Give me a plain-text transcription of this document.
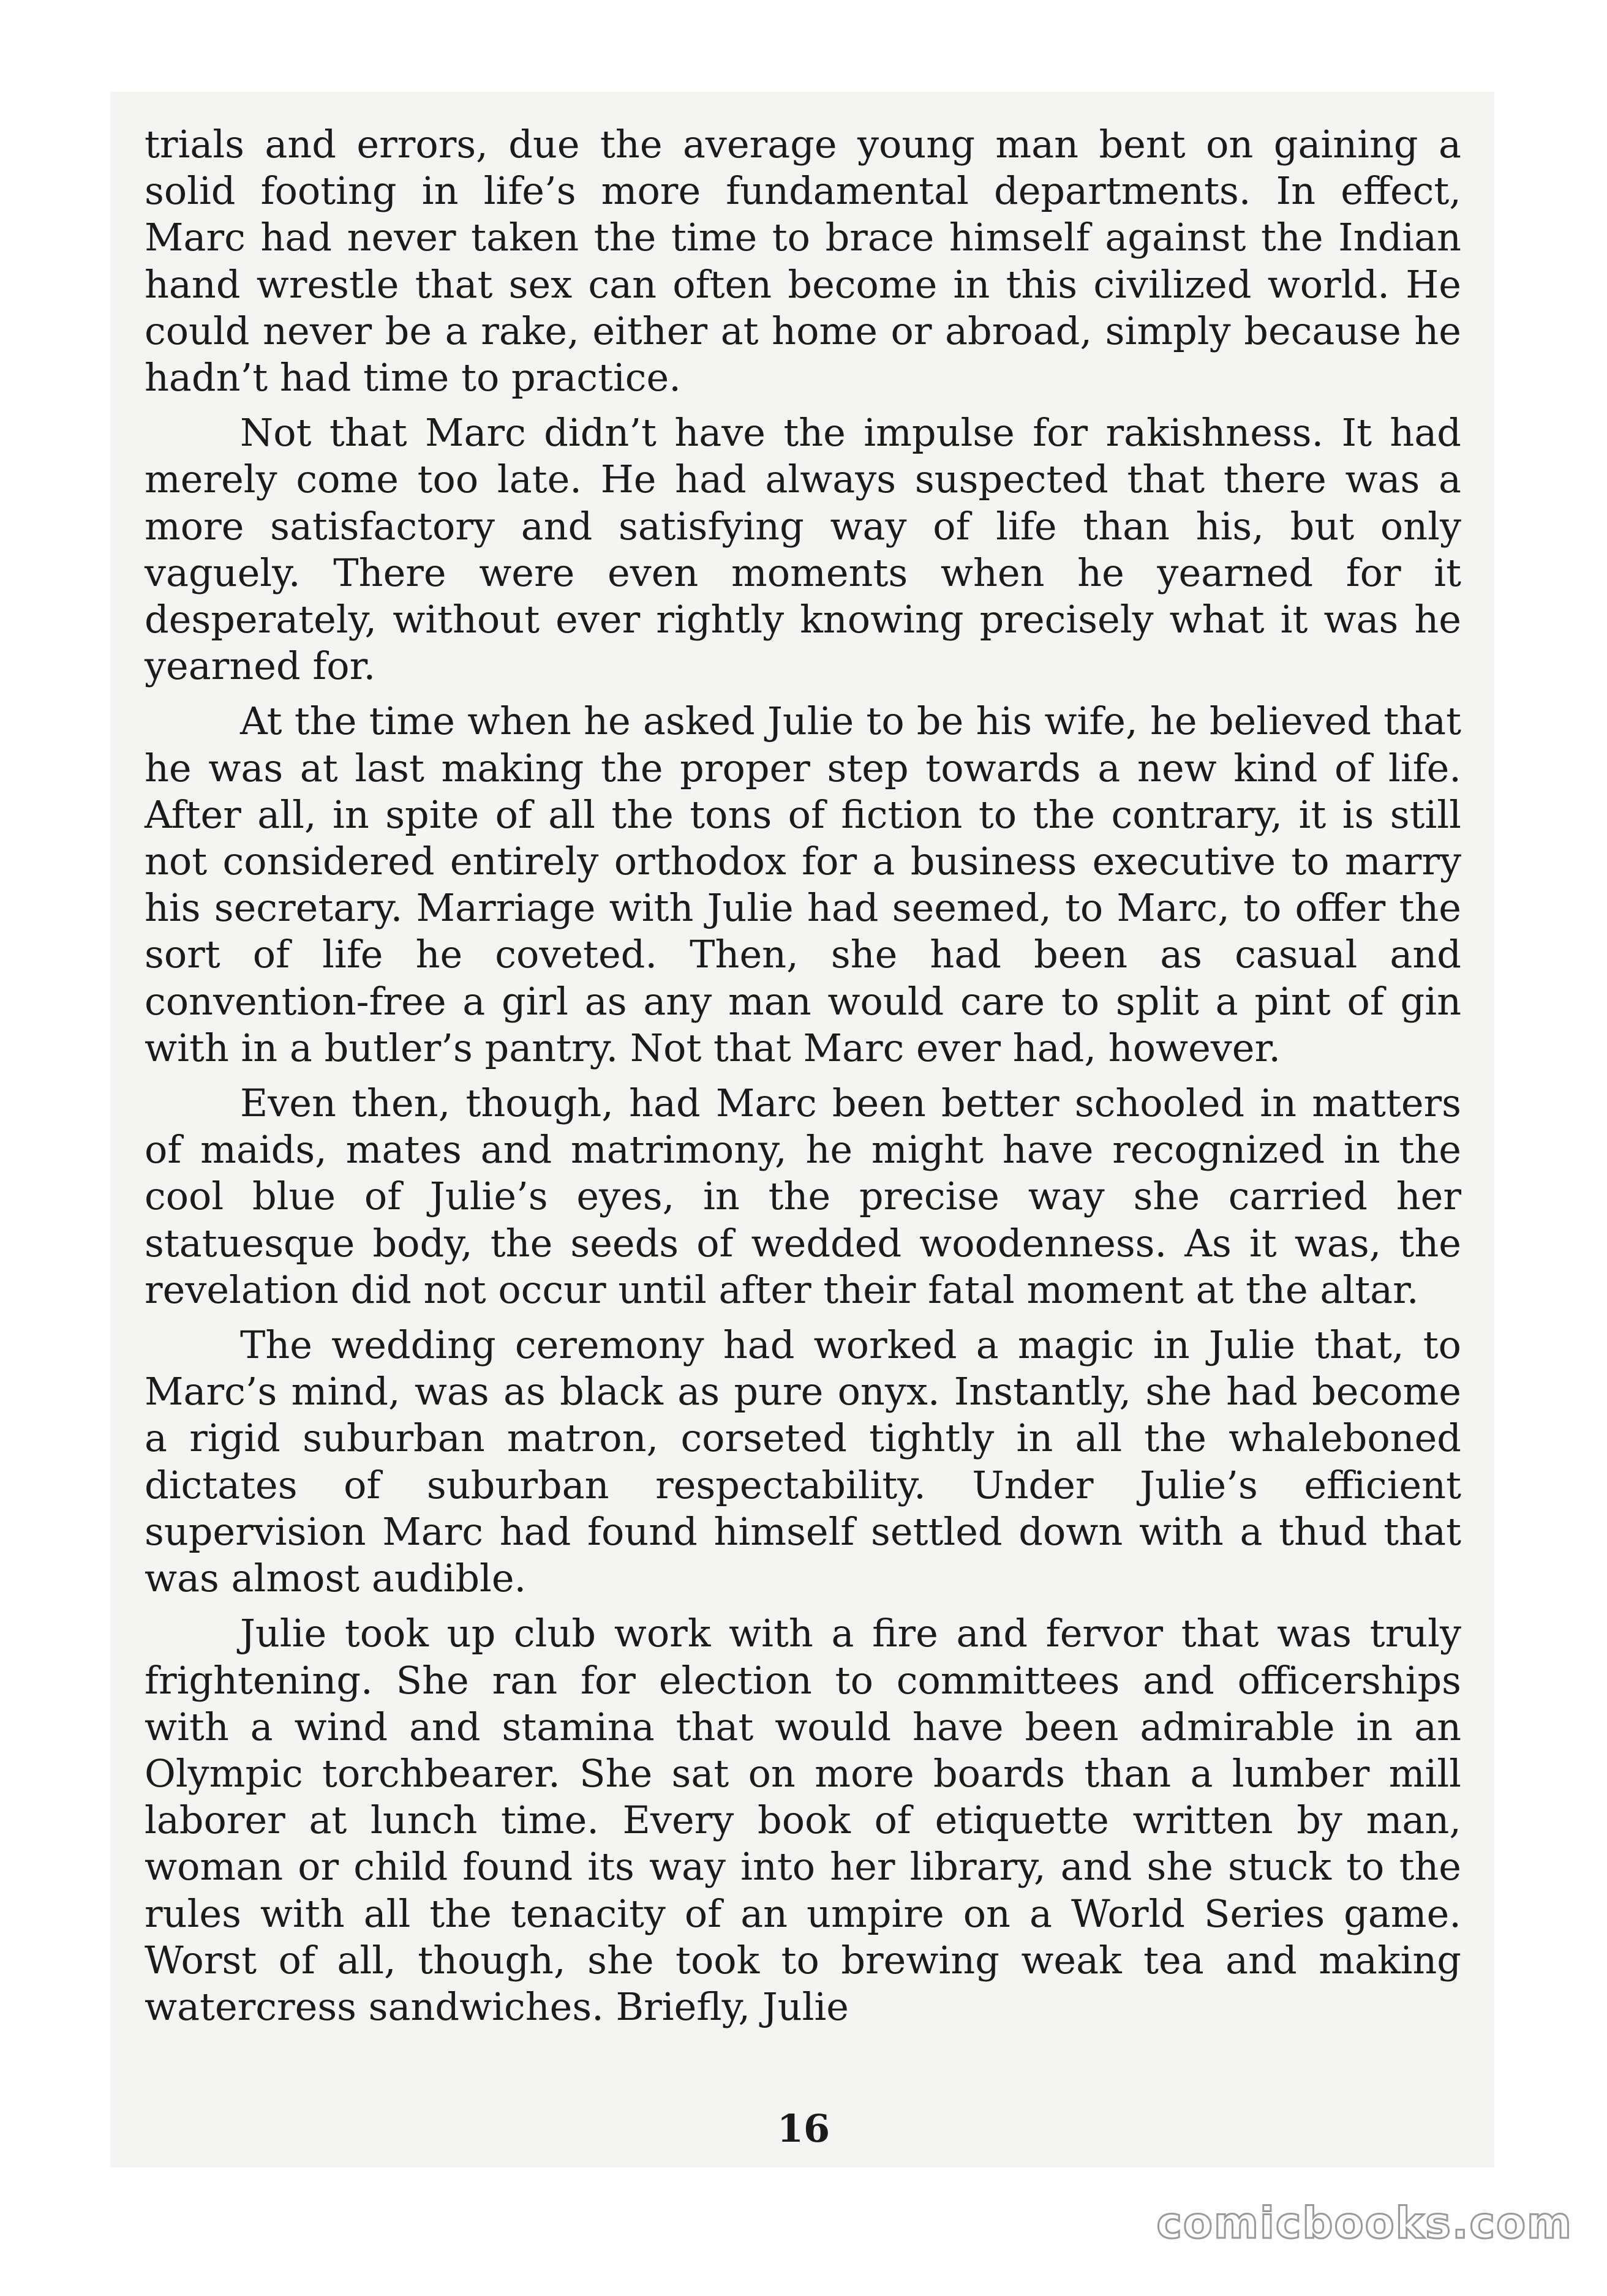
trials and errors, due the average young man bent on gaining a solid footing in life’s more fundamental departments. In effect, Marc had never taken the time to brace himself against the Indian hand wrestle that sex can often become in this civilized world. He could never be a rake, either at home or abroad, simply because he hadn’t had time to practice.

Not that Marc didn’t have the impulse for rakishness. It had merely come too late. He had always suspected that there was a more satisfactory and satisfying way of life than his, but only vaguely. There were even moments when he yearned for it desperately, without ever rightly knowing precisely what it was he yearned for.

At the time when he asked Julie to be his wife, he believed that he was at last making the proper step towards a new kind of life. After all, in spite of all the tons of fiction to the contrary, it is still not considered entirely orthodox for a business executive to marry his secretary. Marriage with Julie had seemed, to Marc, to offer the sort of life he coveted. Then, she had been as casual and convention-free a girl as any man would care to split a pint of gin with in a butler’s pantry. Not that Marc ever had, however.

Even then, though, had Marc been better schooled in matters of maids, mates and matrimony, he might have recognized in the cool blue of Julie’s eyes, in the precise way she carried her statuesque body, the seeds of wedded woodenness. As it was, the revelation did not occur until after their fatal moment at the altar.

The wedding ceremony had worked a magic in Julie that, to Marc’s mind, was as black as pure onyx. Instantly, she had become a rigid suburban matron, corseted tightly in all the whaleboned dictates of suburban respectability. Under Julie’s efficient supervision Marc had found himself settled down with a thud that was almost audible.

Julie took up club work with a fire and fervor that was truly frightening. She ran for election to committees and officerships with a wind and stamina that would have been admirable in an Olympic torchbearer. She sat on more boards than a lumber mill laborer at lunch time. Every book of etiquette written by man, woman or child found its way into her library, and she stuck to the rules with all the tenacity of an umpire on a World Series game. Worst of all, though, she took to brewing weak tea and making watercress sandwiches. Briefly, Julie

16
comicbooks.com
